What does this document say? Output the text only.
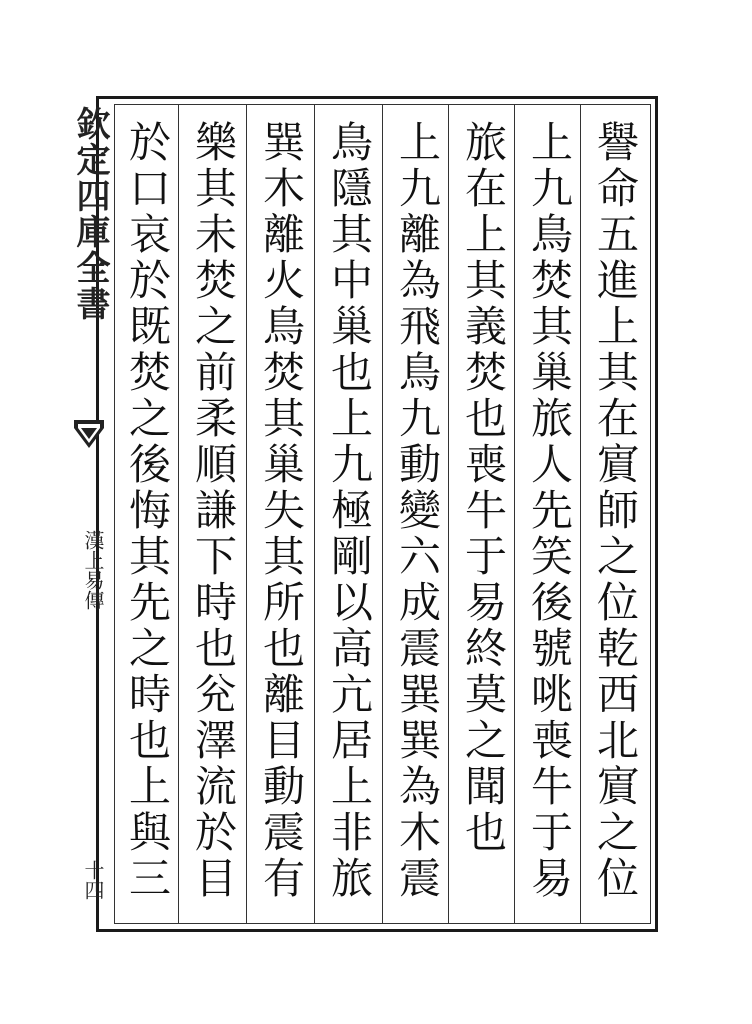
欽定四庫全書
漢上易傳
十四
譽命五進上其在賔師之位乾西北賔之位
上九鳥焚其巢旅人先笑後號咷喪牛于易
旅在上其義焚也喪牛于易終莫之聞也
上九離為飛鳥九動變六成震巽巽為木震
鳥隱其中巢也上九極剛以高亢居上非旅
巽木離火鳥焚其巢失其所也離目動震有
樂其未焚之前柔順謙下時也兊澤流於目
於口哀於既焚之後悔其先之時也上與三
